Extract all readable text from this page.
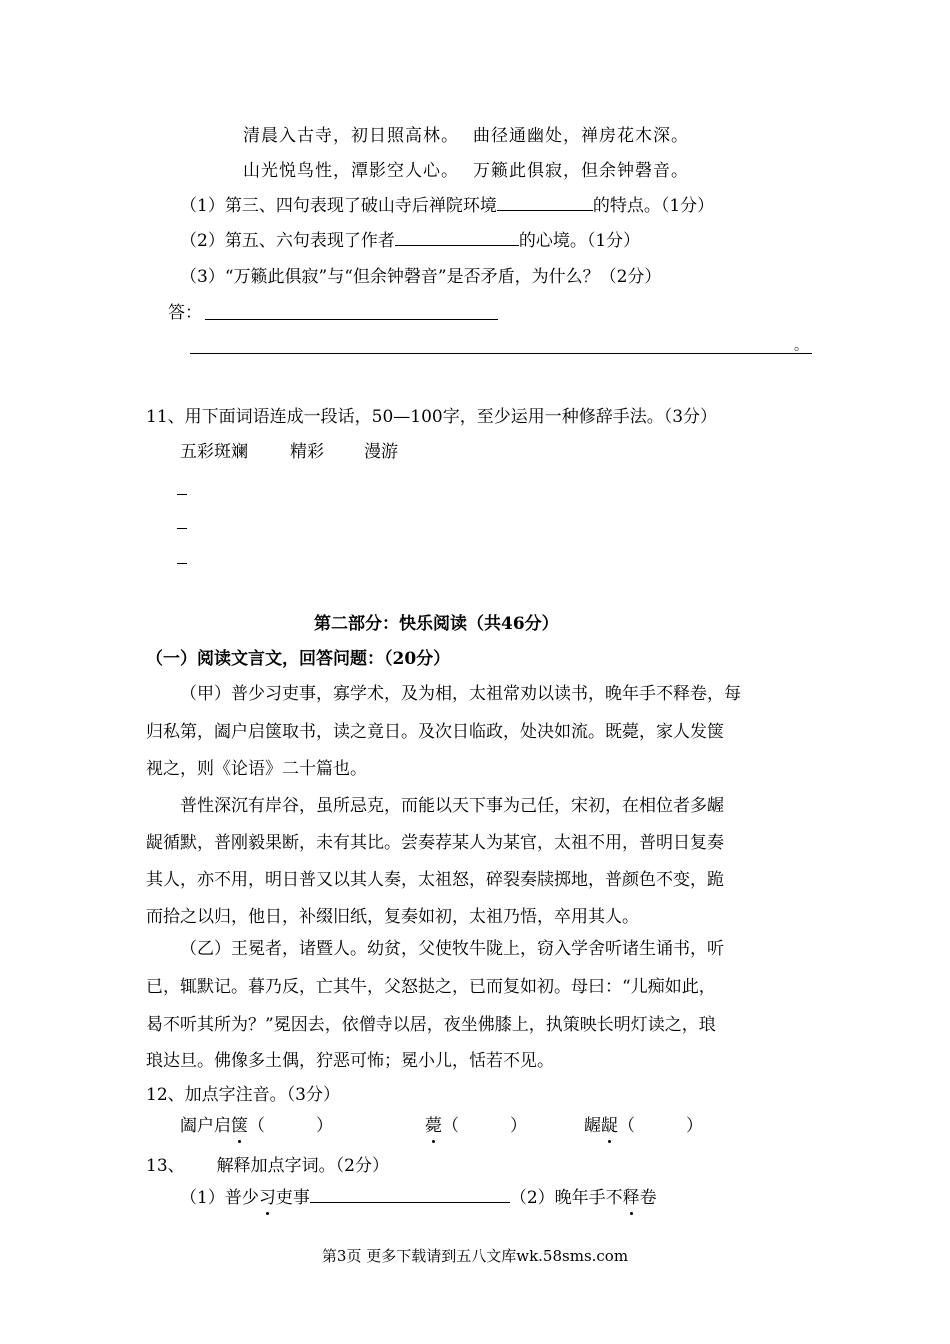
清晨入古寺，初日照高林。 曲径通幽处，禅房花木深。
山光悦鸟性，潭影空人心。 万籁此俱寂，但余钟磬音。
（1）第三、四句表现了破山寺后禅院环境	的特点。（1分）
（2）第五、六句表现了作者	的心境。（1分）
（3）“万籁此俱寂”与“但余钟磬音”是否矛盾，为什么？（2分）
答：
。
11、用下面词语连成一段话，50—100字，至少运用一种修辞手法。（3分）
五彩斑斓 精彩 漫游
第二部分：快乐阅读（共46分）
（一）阅读文言文，回答问题：（20分）
（甲）普少习吏事，寡学术，及为相，太祖常劝以读书，晚年手不释卷，每
归私第，阖户启箧取书，读之竟日。及次日临政，处决如流。既薨，家人发箧
视之，则《论语》二十篇也。
普性深沉有岸谷，虽所忌克，而能以天下事为己任，宋初，在相位者多龌
龊循默，普刚毅果断，未有其比。尝奏荐某人为某官，太祖不用，普明日复奏
其人，亦不用，明日普又以其人奏，太祖怒，碎裂奏牍掷地，普颜色不变，跪
而拾之以归，他日，补缀旧纸，复奏如初，太祖乃悟，卒用其人。
（乙）王冕者，诸暨人。幼贫，父使牧牛陇上，窃入学舍听诸生诵书，听
已，辄默记。暮乃反，亡其牛，父怒挞之，已而复如初。母曰：“儿痴如此，
曷不听其所为？”冕因去，依僧寺以居，夜坐佛膝上，执策映长明灯读之，琅
琅达旦。佛像多土偶，狞恶可怖；冕小儿，恬若不见。
12、加点字注音。（3分）
阖户启箧（　　　）	薨（　　　）	龌龊（　　　）
13、 解释加点字词。（2分）
（1）普少习吏事	（2）晚年手不释卷
第3页 更多下载请到五八文库wk.58sms.com
